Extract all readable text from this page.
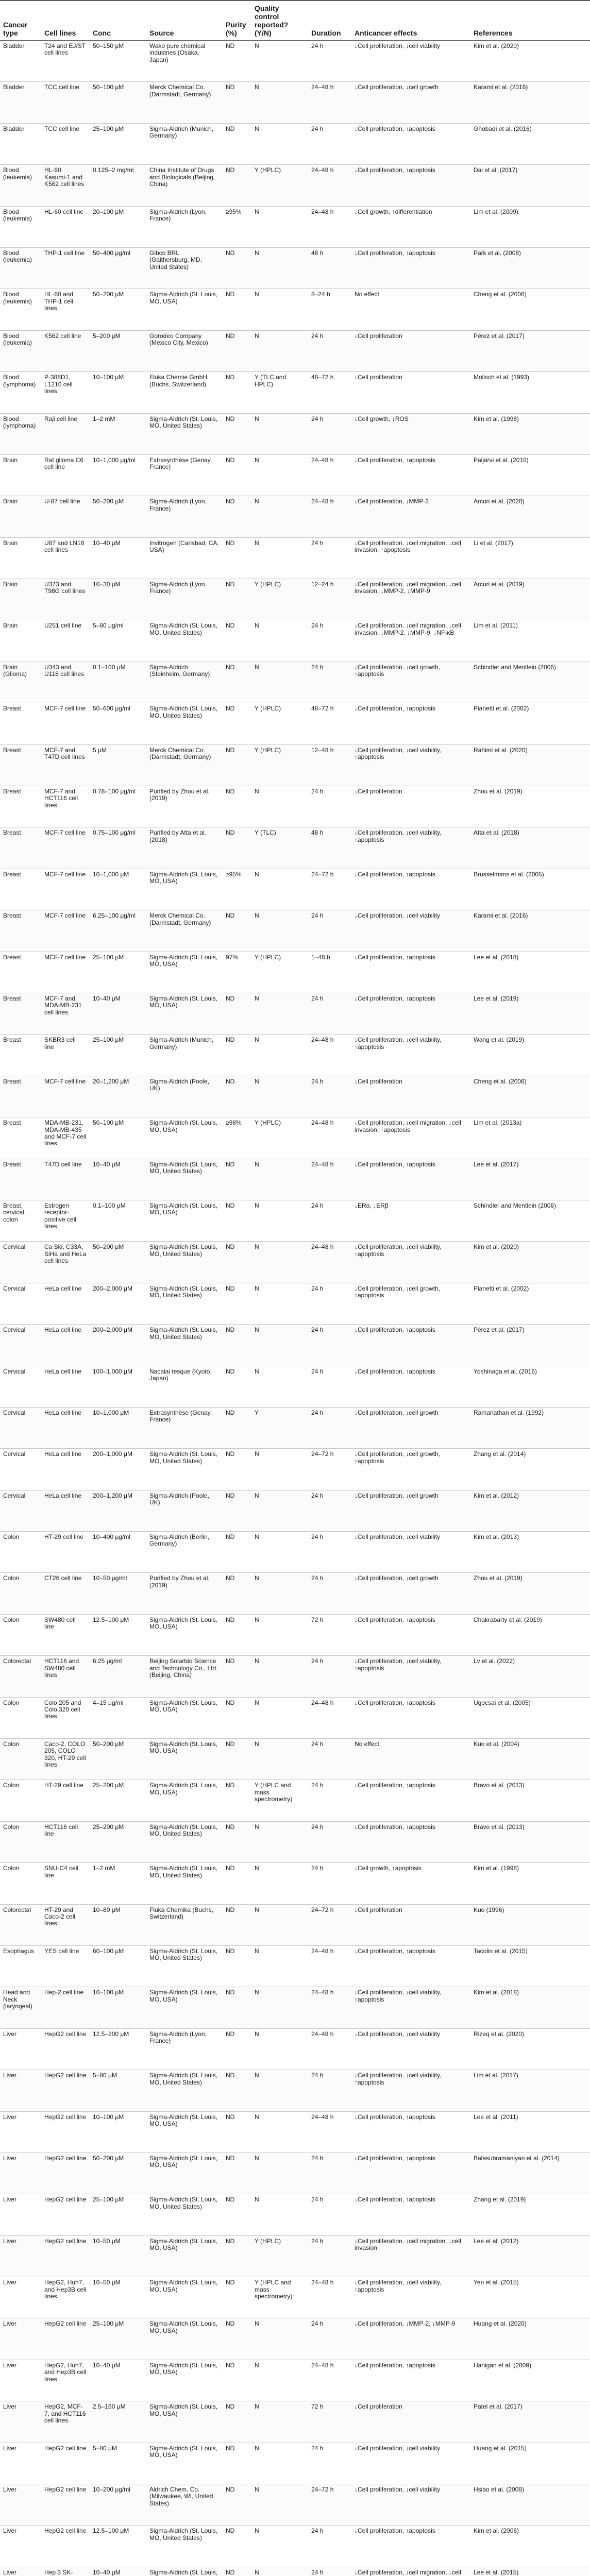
Cancer type	Cell lines	Conc	Source	Purity (%)	Quality control reported? (Y/N)	Duration	Anticancer effects	References
Bladder	T24 and EJ/ST cell lines	50–150 μM	Wako pure chemical industries (Osaka, Japan)	ND	N	24 h	↓Cell proliferation, ↓cell viability	Kim et al. (2020)
Bladder	TCC cell line	50–100 μM	Merck Chemical Co. (Darmstadt, Germany)	ND	N	24–48 h	↓Cell proliferation, ↓cell growth	Karami et al. (2016)
Bladder	TCC cell line	25–100 μM	Sigma-Aldrich (Munich, Germany)	ND	N	24 h	↓Cell proliferation, ↑apoptosis	Ghobadi et al. (2016)
Blood (leukemia)	HL-60, Kasumi-1 and K562 cell lines	0.125–2 mg/ml	China Institute of Drugs and Biologicals (Beijing, China)	ND	Y (HPLC)	24–48 h	↓Cell proliferation, ↑apoptosis	Dai et al. (2017)
Blood (leukemia)	HL-60 cell line	20–100 μM	Sigma-Aldrich (Lyon, France)	≥95%	N	24–48 h	↓Cell growth, ↑differentiation	Lim et al. (2009)
Blood (leukemia)	THP-1 cell line	50–400 μg/ml	Gibco BRL (Gaithersburg, MD, United States)	ND	N	48 h	↓Cell proliferation, ↑apoptosis	Park et al. (2008)
Blood (leukemia)	HL-60 and THP-1 cell lines	50–200 μM	Sigma-Aldrich (St. Louis, MO, USA)	ND	N	8–24 h	No effect	Cheng et al. (2006)
Blood (leukemia)	K562 cell line	5–200 μM	Gorodeo Company (Mexico City, Mexico)	ND	N	24 h	↓Cell proliferation	Pérez et al. (2017)
Blood (lymphoma)	P-388D1, L1210 cell lines	10–100 μM	Fluka Chemie GmbH (Buchs, Switzerland)	ND	Y (TLC and HPLC)	48–72 h	↓Cell proliferation	Molisch et al. (1993)
Blood (lymphoma)	Raji cell line	1–2 mM	Sigma-Aldrich (St. Louis, MO, United States)	ND	N	24 h	↓Cell growth, ↓ROS	Kim et al. (1998)
Brain	Rat glioma C6 cell line	10–1,000 μg/ml	Extrasynthèse (Genay, France)	ND	N	24–48 h	↓Cell proliferation, ↑apoptosis	Paljärvi et al. (2010)
Brain	U-87 cell line	50–200 μM	Sigma-Aldrich (Lyon, France)	ND	N	24–48 h	↓Cell proliferation, ↓MMP-2	Arcuri et al. (2020)
Brain	U87 and LN18 cell lines	10–40 μM	Invitrogen (Carlsbad, CA, USA)	ND	N	24 h	↓Cell proliferation, ↓cell migration, ↓cell invasion, ↑apoptosis	Li et al. (2017)
Brain	U373 and T98G cell lines	10–30 μM	Sigma-Aldrich (Lyon, France)	ND	Y (HPLC)	12–24 h	↓Cell proliferation, ↓cell migration, ↓cell invasion, ↓MMP-2, ↓MMP-9	Arcuri et al. (2019)
Brain	U251 cell line	5–80 μg/ml	Sigma-Aldrich (St. Louis, MO, United States)	ND	N	24 h	↓Cell proliferation, ↓cell migration, ↓cell invasion, ↓MMP-2, ↓MMP-9, ↓NF-κB	Lim et al. (2011)
Brain (Glioma)	U343 and U118 cell lines	0.1–100 μM	Sigma-Aldrich (Steinheim, Germany)	ND	N	24 h	↓Cell proliferation, ↓cell growth, ↑apoptosis	Schindler and Mentlein (2006)
Breast	MCF-7 cell line	50–600 μg/ml	Sigma-Aldrich (St. Louis, MO, United States)	ND	Y (HPLC)	48–72 h	↓Cell proliferation, ↑apoptosis	Pianetti et al. (2002)
Breast	MCF-7 and T47D cell lines	5 μM	Merck Chemical Co. (Darmstadt, Germany)	ND	Y (HPLC)	12–48 h	↓Cell proliferation, ↓cell viability, ↑apoptosis	Rahimi et al. (2020)
Breast	MCF-7 and HCT116 cell lines	0.78–100 μg/ml	Purified by Zhou et al. (2019)	ND	N	24 h	↓Cell proliferation	Zhou et al. (2019)
Breast	MCF-7 cell line	0.75–100 μg/ml	Purified by Atta et al. (2018)	ND	Y (TLC)	48 h	↓Cell proliferation, ↓cell viability, ↑apoptosis	Atta et al. (2018)
Breast	MCF-7 cell line	10–1,000 μM	Sigma-Aldrich (St. Louis, MO, USA)	≥95%	N	24–72 h	↓Cell proliferation, ↑apoptosis	Brusselmans et al. (2005)
Breast	MCF-7 cell line	6.25–100 μg/ml	Merck Chemical Co. (Darmstadt, Germany)	ND	N	24 h	↓Cell proliferation, ↓cell viability	Karami et al. (2016)
Breast	MCF-7 cell line	25–100 μM	Sigma-Aldrich (St. Louis, MO, USA)	97%	Y (HPLC)	1–48 h	↓Cell proliferation, ↑apoptosis	Lee et al. (2018)
Breast	MCF-7 and MDA-MB-231 cell lines	10–40 μM	Sigma-Aldrich (St. Louis, MO, USA)	ND	N	24 h	↓Cell proliferation, ↑apoptosis	Lee et al. (2019)
Breast	SKBR3 cell line	25–100 μM	Sigma-Aldrich (Munich, Germany)	ND	N	24–48 h	↓Cell proliferation, ↓cell viability, ↑apoptosis	Wang et al. (2019)
Breast	MCF-7 cell line	20–1,200 μM	Sigma-Aldrich (Poole, UK)	ND	N	24 h	↓Cell proliferation	Cheng et al. (2006)
Breast	MDA-MB-231, MDA-MB-435 and MCF-7 cell lines	50–100 μM	Sigma-Aldrich (St. Louis, MO, USA)	≥98%	Y (HPLC)	24–48 h	↓Cell proliferation, ↓cell migration, ↓cell invasion, ↑apoptosis	Lim et al. (2013a)
Breast	T47D cell line	10–40 μM	Sigma-Aldrich (St. Louis, MO, United States)	ND	N	24–48 h	↓Cell proliferation, ↑apoptosis	Lee et al. (2017)
Breast, cervical, colon	Estrogen receptor-positive cell lines	0.1–100 μM	Sigma-Aldrich (St. Louis, MO, USA)	ND	N	24 h	↓ERα, ↓ERβ	Schindler and Mentlein (2006)
Cervical	Ca Ski, C33A, SiHa and HeLa cell lines	50–200 μM	Sigma-Aldrich (St. Louis, MO, United States)	ND	N	24–48 h	↓Cell proliferation, ↓cell viability, ↑apoptosis	Kim et al. (2020)
Cervical	HeLa cell line	200–2,000 μM	Sigma-Aldrich (St. Louis, MO, United States)	ND	N	24 h	↓Cell proliferation, ↓cell growth, ↑apoptosis	Pianetti et al. (2002)
Cervical	HeLa cell line	200–2,000 μM	Sigma-Aldrich (St. Louis, MO, United States)	ND	N	24 h	↓Cell proliferation, ↑apoptosis	Pérez et al. (2017)
Cervical	HeLa cell line	100–1,000 μM	Nacalai tesque (Kyoto, Japan)	ND	N	24 h	↓Cell proliferation, ↑apoptosis	Yoshinaga et al. (2016)
Cervical	HeLa cell line	10–1,000 μM	Extrasynthèse (Genay, France)	ND	Y	24 h	↓Cell proliferation, ↓cell growth	Ramanathan et al. (1992)
Cervical	HeLa cell line	200–1,000 μM	Sigma-Aldrich (St. Louis, MO, United States)	ND	N	24–72 h	↓Cell proliferation, ↓cell growth, ↑apoptosis	Zhang et al. (2014)
Cervical	HeLa cell line	200–1,200 μM	Sigma-Aldrich (Poole, UK)	ND	N	24 h	↓Cell proliferation, ↓cell growth	Kim et al. (2012)
Colon	HT-29 cell line	10–400 μg/ml	Sigma-Aldrich (Berlin, Germany)	ND	N	24 h	↓Cell proliferation, ↓cell viability	Kim et al. (2013)
Colon	CT26 cell line	10–50 μg/ml	Purified by Zhou et al. (2019)	ND	N	24 h	↓Cell proliferation, ↓cell growth	Zhou et al. (2019)
Colon	SW480 cell line	12.5–100 μM	Sigma-Aldrich (St. Louis, MO, USA)	ND	N	72 h	↓Cell proliferation, ↑apoptosis	Chakrabarty et al. (2019)
Colorectal	HCT116 and SW480 cell lines	6.25 μg/ml	Beijing Solarbio Science and Technology Co., Ltd. (Beijing, China)	ND	N	24 h	↓Cell proliferation, ↓cell viability, ↑apoptosis	Lv et al. (2022)
Colon	Colo 205 and Colo 320 cell lines	4–15 μg/ml	Sigma-Aldrich (St. Louis, MO, USA)	ND	N	24–48 h	↓Cell proliferation, ↑apoptosis	Ugocsai et al. (2005)
Colon	Caco-2, COLO 205, COLO 320, HT-29 cell lines	50–200 μM	Sigma-Aldrich (St. Louis, MO, USA)	ND	N	24 h	No effect	Kuo et al. (2004)
Colon	HT-29 cell line	25–200 μM	Sigma-Aldrich (St. Louis, MO, USA)	ND	Y (HPLC and mass spectrometry)	24 h	↓Cell proliferation, ↑apoptosis	Bravo et al. (2013)
Colon	HCT116 cell line	25–200 μM	Sigma-Aldrich (St. Louis, MO, United States)	ND	N	24 h	↓Cell proliferation, ↑apoptosis	Bravo et al. (2013)
Colon	SNU-C4 cell line	1–2 mM	Sigma-Aldrich (St. Louis, MO, United States)	ND	N	24 h	↓Cell growth, ↑apoptosis	Kim et al. (1998)
Colorectal	HT-29 and Caco-2 cell lines	10–80 μM	Fluka Chemika (Buchs, Switzerland)	ND	N	24–72 h	↓Cell proliferation	Kuo (1996)
Esophagus	YES cell line	60–100 μM	Sigma-Aldrich (St. Louis, MO, United States)	ND	N	24–48 h	↓Cell proliferation, ↑apoptosis	Tacolin et al. (2015)
Head and Neck (laryngeal)	Hep-2 cell line	10–100 μM	Sigma-Aldrich (St. Louis, MO, USA)	ND	N	24–48 h	↓Cell proliferation, ↓cell viability, ↑apoptosis	Kim et al. (2018)
Liver	HepG2 cell line	12.5–200 μM	Sigma-Aldrich (Lyon, France)	ND	N	24–48 h	↓Cell proliferation, ↓cell viability	Rizeq et al. (2020)
Liver	HepG2 cell line	5–80 μM	Sigma-Aldrich (St. Louis, MO, United States)	ND	N	24 h	↓Cell proliferation, ↓cell viability, ↑apoptosis	Lim et al. (2017)
Liver	HepG2 cell line	10–100 μM	Sigma-Aldrich (St. Louis, MO, USA)	ND	N	24–48 h	↓Cell proliferation, ↑apoptosis	Lee et al. (2011)
Liver	HepG2 cell line	50–200 μM	Sigma-Aldrich (St. Louis, MO, USA)	ND	N	24 h	↓Cell proliferation, ↑apoptosis	Balasubramaniyan et al. (2014)
Liver	HepG2 cell line	25–100 μM	Sigma-Aldrich (St. Louis, MO, United States)	ND	N	24 h	↓Cell proliferation, ↑apoptosis	Zhang et al. (2019)
Liver	HepG2 cell line	10–50 μM	Sigma-Aldrich (St. Louis, MO, USA)	ND	Y (HPLC)	24 h	↓Cell proliferation, ↓cell migration, ↓cell invasion	Lee et al. (2012)
Liver	HepG2, Huh7, and Hep3B cell lines	10–50 μM	Sigma-Aldrich (St. Louis, MO, USA)	ND	Y (HPLC and mass spectrometry)	24–48 h	↓Cell proliferation, ↓cell viability, ↑apoptosis	Yen et al. (2015)
Liver	HepG2 cell line	25–100 μM	Sigma-Aldrich (St. Louis, MO, USA)	ND	N	24 h	↓Cell proliferation, ↓MMP-2, ↓MMP-9	Huang et al. (2020)
Liver	HepG2, Huh7, and Hep3B cell lines	10–40 μM	Sigma-Aldrich (St. Louis, MO, USA)	ND	N	24–48 h	↓Cell proliferation, ↑apoptosis	Hanigan et al. (2009)
Liver	HepG2, MCF-7, and HCT116 cell lines	2.5–160 μM	Sigma-Aldrich (St. Louis, MO, USA)	ND	N	72 h	↓Cell proliferation	Patel et al. (2017)
Liver	HepG2 cell line	5–80 μM	Sigma-Aldrich (St. Louis, MO, USA)	ND	N	24 h	↓Cell proliferation, ↓cell viability	Huang et al. (2015)
Liver	HepG2 cell line	10–200 μg/ml	Aldrich Chem. Co. (Milwaukee, WI, United States)	ND	N	24–72 h	↓Cell proliferation, ↓cell viability	Hsiao et al. (2008)
Liver	HepG2 cell line	12.5–100 μM	Sigma-Aldrich (St. Louis, MO, United States)	ND	N	24 h	↓Cell proliferation, ↑apoptosis	Kim et al. (2006)
Liver	Hep 3 SK-	10–40 μM	Sigma-Aldrich (St. Louis,	ND	N	24 h	↓Cell proliferation, ↓cell migration, ↓cell	Lee et al. (2015)
